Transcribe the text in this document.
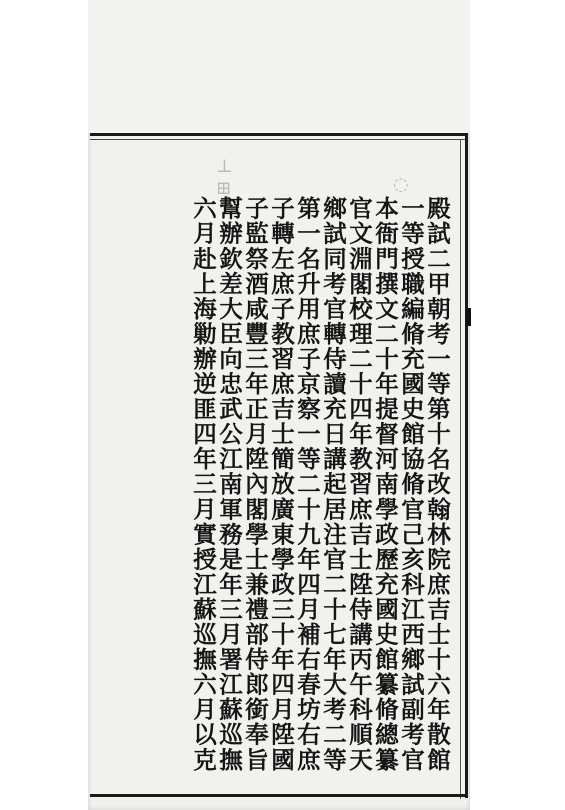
⊥
⊞	◌
殿試二甲朝考一等第十名改翰林院庶吉士十六年散館
一等授職編脩充國史館協脩官己亥科江西鄉試副考官
本衙門撰文二十年提督河南學政歷充國史館纂脩總纂
官文淵閣校理二十四年教習庶吉士陞侍講丙午科順天
鄉試同考官轉侍讀充日講起居注官二十七年大考二等
第一名升用庶子京察一等二十九年四月補右春坊右庶
子轉左庶子教習庶吉士簡放廣東學政三十年四月陞國
子監祭酒咸豐三年正月陞內閣學士兼禮部侍郎銜奉旨
幫辦欽差大臣向忠武公江南軍務是年三月署江蘇巡撫
六月赴上海勦辦逆匪四年三月實授江蘇巡撫六月以克
